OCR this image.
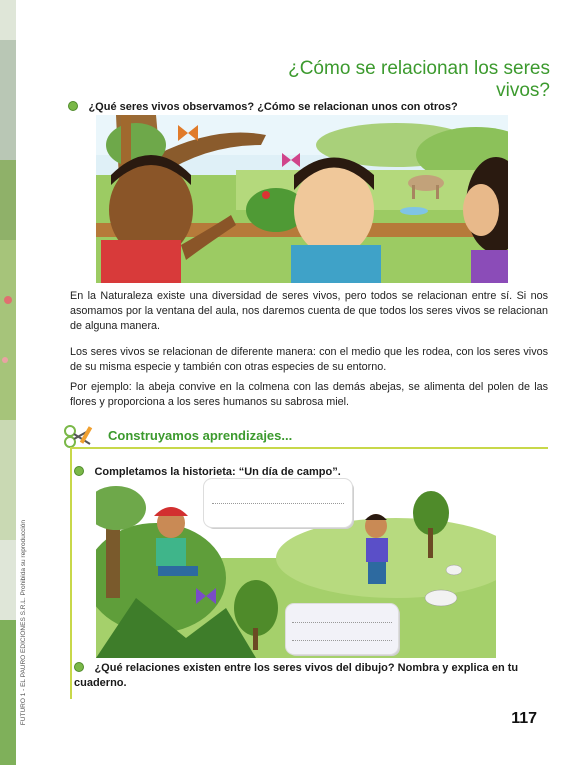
¿Cómo se relacionan los seres vivos?
¿Qué seres vivos observamos? ¿Cómo se relacionan unos con otros?
En la Naturaleza existe una diversidad de seres vivos, pero todos se relacionan entre sí. Si nos asomamos por la ventana del aula, nos daremos cuenta de que todos los seres vivos se relacionan de alguna manera.
Los seres vivos se relacionan de diferente manera: con el medio que les rodea, con los seres vivos de su misma especie y también con otras especies de su entorno.
Por ejemplo: la abeja convive en la colmena con las demás abejas, se alimenta del polen de las flores y proporciona a los seres humanos su sabrosa miel.
Construyamos aprendizajes...
Completamos la historieta: “Un día de campo”.
¿Qué relaciones existen entre los seres vivos del dibujo? Nombra y explica en tu cuaderno.
117
FUTURO 1 - EL PAURO EDICIONES S.R.L. Prohibida su reproducción
